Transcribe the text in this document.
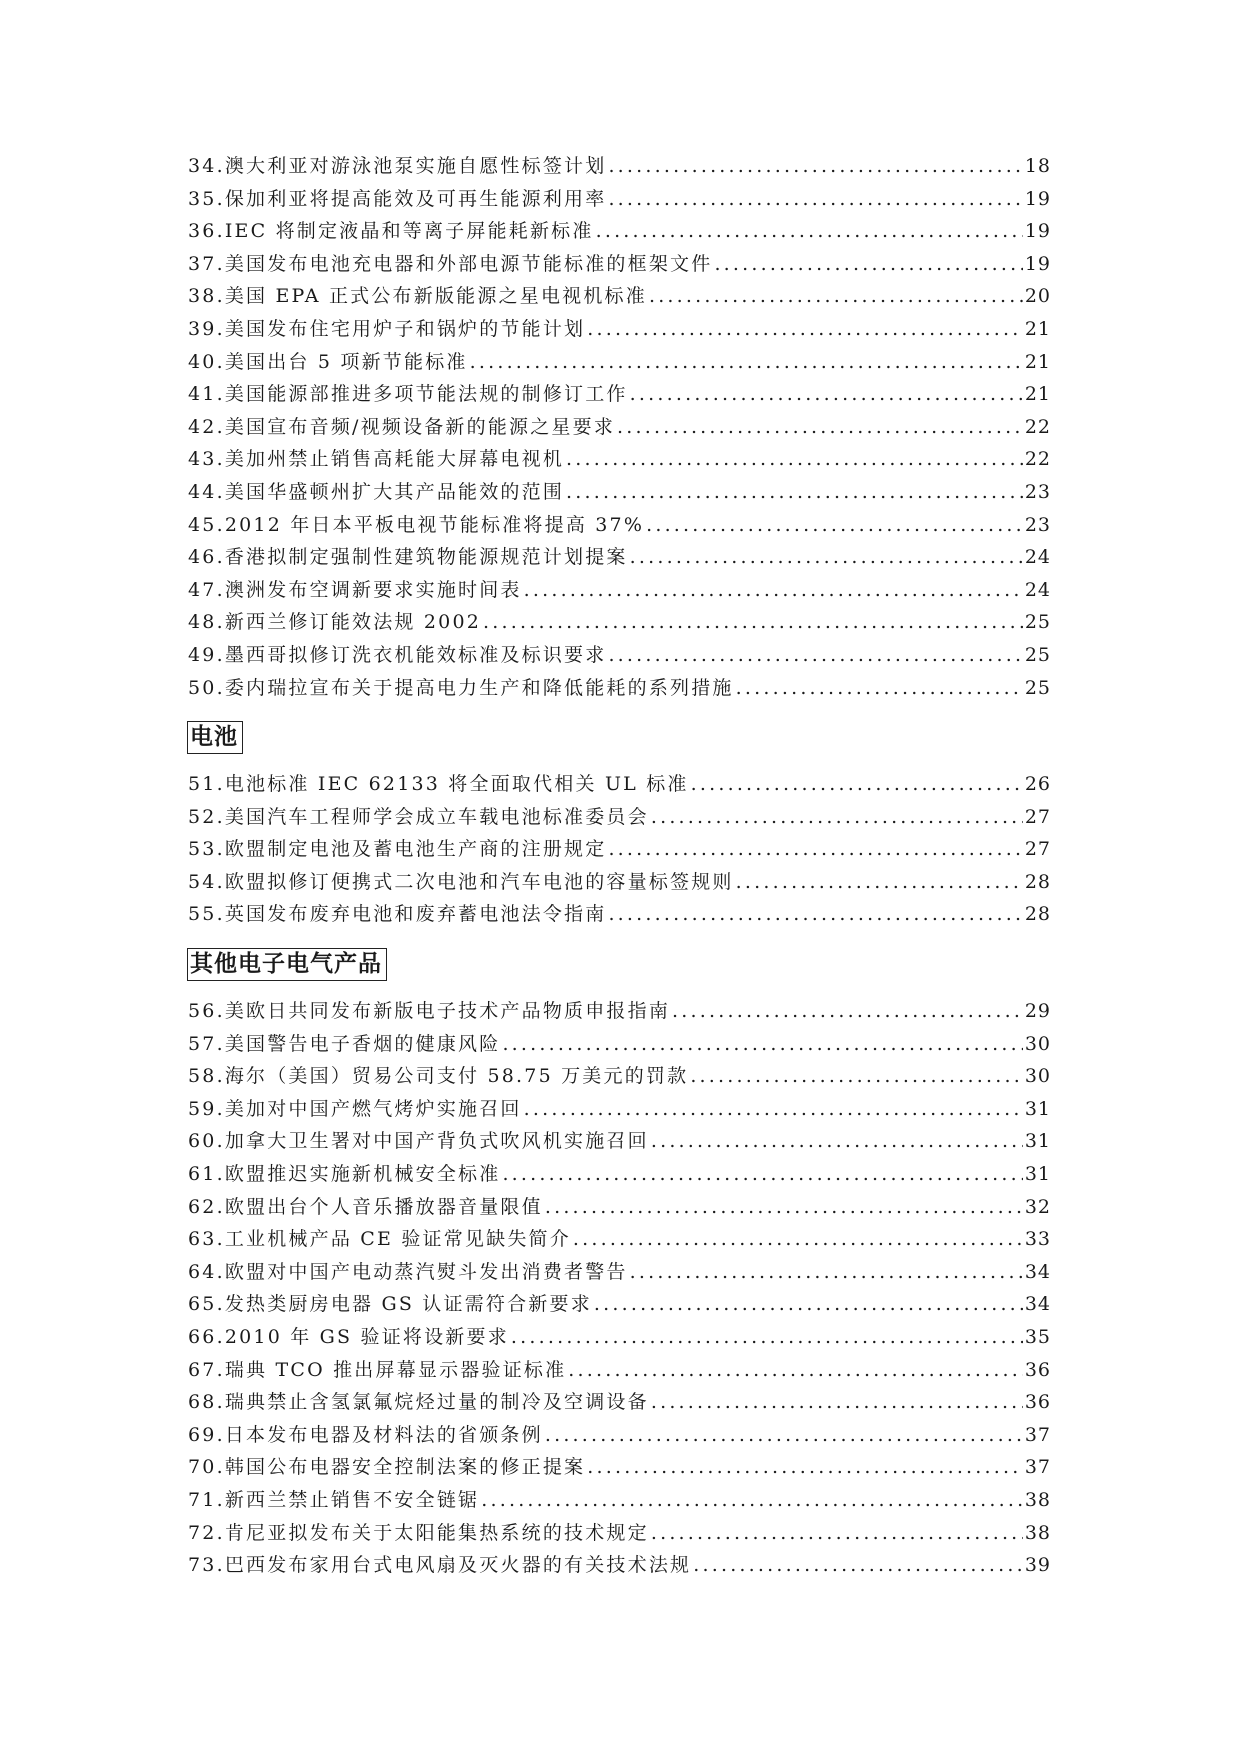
34. 澳大利亚对游泳池泵实施自愿性标签计划 .....	18
35. 保加利亚将提高能效及可再生能源利用率 .....	19
36. IEC 将制定液晶和等离子屏能耗新标准 .....	19
37. 美国发布电池充电器和外部电源节能标准的框架文件 .....	19
38. 美国 EPA 正式公布新版能源之星电视机标准 .....	20
39. 美国发布住宅用炉子和锅炉的节能计划 .....	21
40. 美国出台 5 项新节能标准 .....	21
41. 美国能源部推进多项节能法规的制修订工作 .....	21
42. 美国宣布音频/视频设备新的能源之星要求 .....	22
43. 美加州禁止销售高耗能大屏幕电视机 .....	22
44. 美国华盛顿州扩大其产品能效的范围 .....	23
45. 2012 年日本平板电视节能标准将提高 37% .....	23
46. 香港拟制定强制性建筑物能源规范计划提案 .....	24
47. 澳洲发布空调新要求实施时间表 .....	24
48. 新西兰修订能效法规 2002 .....	25
49. 墨西哥拟修订洗衣机能效标准及标识要求 .....	25
50. 委内瑞拉宣布关于提高电力生产和降低能耗的系列措施 .....	25
电池
51. 电池标准 IEC 62133 将全面取代相关 UL 标准 .....	26
52. 美国汽车工程师学会成立车载电池标准委员会 .....	27
53. 欧盟制定电池及蓄电池生产商的注册规定 .....	27
54. 欧盟拟修订便携式二次电池和汽车电池的容量标签规则 .....	28
55. 英国发布废弃电池和废弃蓄电池法令指南 .....	28
其他电子电气产品
56. 美欧日共同发布新版电子技术产品物质申报指南 .....	29
57. 美国警告电子香烟的健康风险 .....	30
58. 海尔（美国）贸易公司支付 58.75 万美元的罚款 .....	30
59. 美加对中国产燃气烤炉实施召回 .....	31
60. 加拿大卫生署对中国产背负式吹风机实施召回 .....	31
61. 欧盟推迟实施新机械安全标准 .....	31
62. 欧盟出台个人音乐播放器音量限值 .....	32
63. 工业机械产品 CE 验证常见缺失简介 .....	33
64. 欧盟对中国产电动蒸汽熨斗发出消费者警告 .....	34
65. 发热类厨房电器 GS 认证需符合新要求 .....	34
66. 2010 年 GS 验证将设新要求 .....	35
67. 瑞典 TCO 推出屏幕显示器验证标准 .....	36
68. 瑞典禁止含氢氯氟烷烃过量的制冷及空调设备 .....	36
69. 日本发布电器及材料法的省颁条例 .....	37
70. 韩国公布电器安全控制法案的修正提案 .....	37
71. 新西兰禁止销售不安全链锯 .....	38
72. 肯尼亚拟发布关于太阳能集热系统的技术规定 .....	38
73. 巴西发布家用台式电风扇及灭火器的有关技术法规 .....	39
